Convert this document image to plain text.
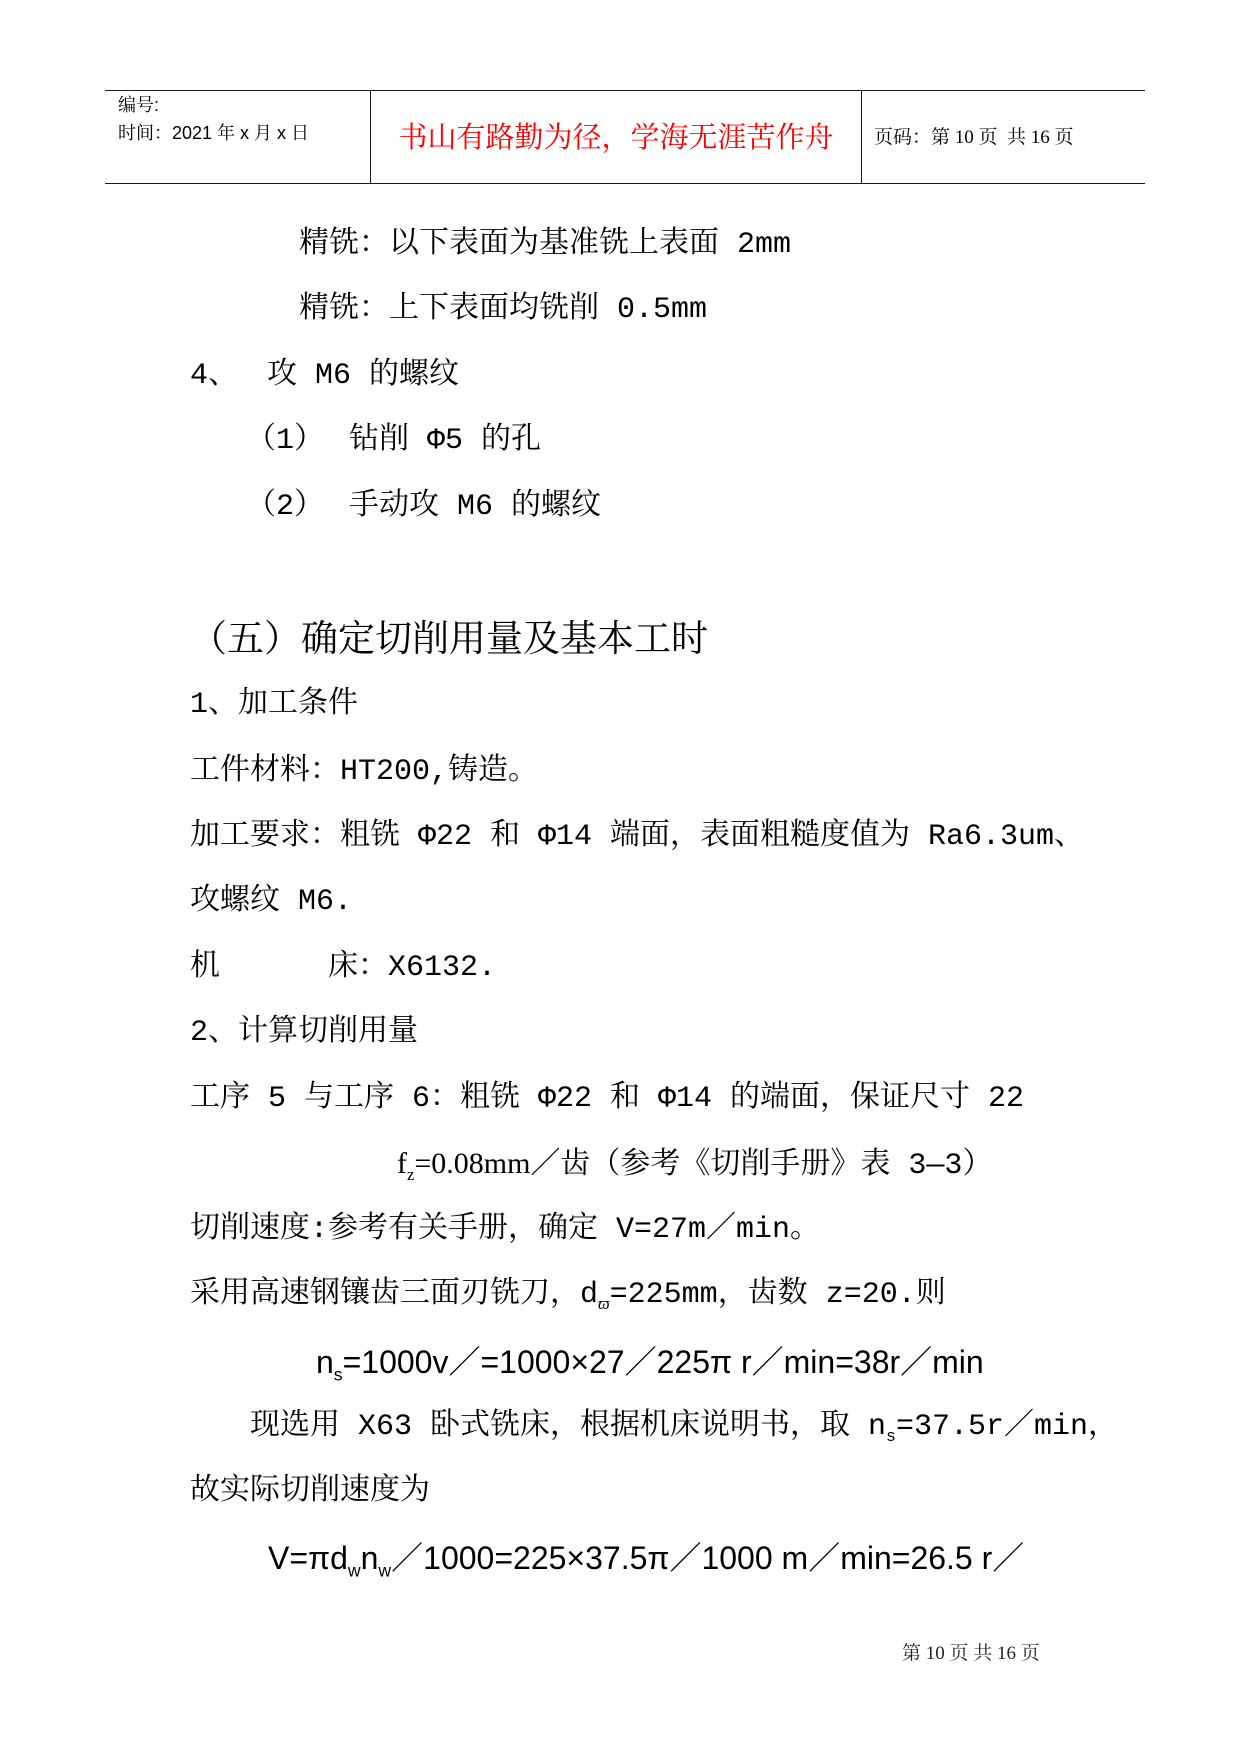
编号:
时间：2021 年 x 月 x 日	书山有路勤为径，学海无涯苦作舟	页码：第 10 页  共 16 页
精铣：以下表面为基准铣上表面 2mm
精铣：上下表面均铣削 0.5mm
4、 攻 M6 的螺纹
（1） 钻削 Φ5 的孔
（2） 手动攻 M6 的螺纹
（五）确定切削用量及基本工时
1、加工条件
工件材料：HT200,铸造。
加工要求：粗铣 Φ22 和 Φ14 端面，表面粗糙度值为 Ra6.3um、
攻螺纹 M6.
机      床：X6132.
2、计算切削用量
工序 5 与工序 6：粗铣 Φ22 和 Φ14 的端面，保证尺寸 22
$f_z=0.08mm/$齿（参考《切削手册》表 3—3）
切削速度:参考有关手册，确定 V=27m／min。
采用高速钢镶齿三面刃铣刀，$d_ϖ=225mm$，齿数 z=20.则
$n_s=1000v/=1000\times 27/225\pi$ r／min=38r／min
现选用 X63 卧式铣床，根据机床说明书，取 $n_s=37.5r/\min$，
故实际切削速度为
$V=\pi d_wn_w/1000=225\times 37.5\pi/1000$ m／min=26.5 r／
第 10 页 共 16 页
